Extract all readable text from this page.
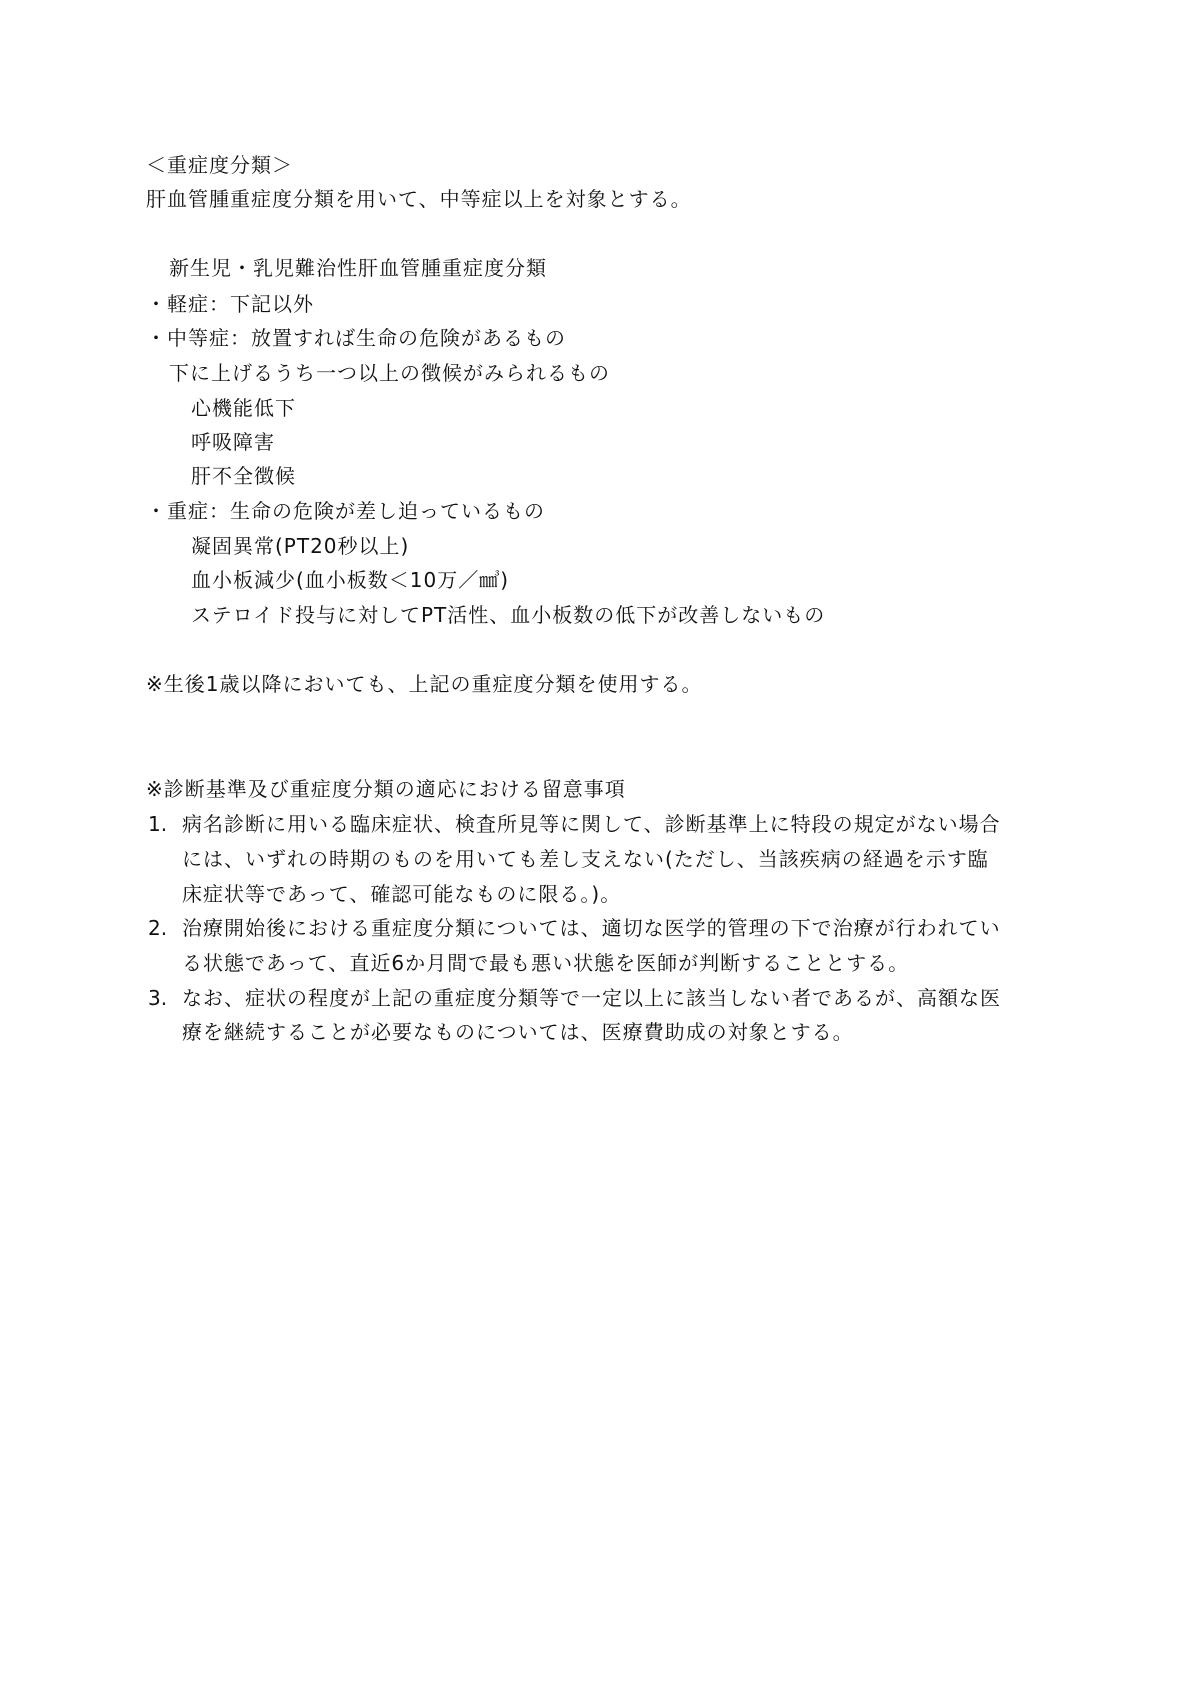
＜重症度分類＞
肝血管腫重症度分類を用いて、中等症以上を対象とする。
新生児・乳児難治性肝血管腫重症度分類
・軽症：下記以外
・中等症：放置すれば生命の危険があるもの
下に上げるうち一つ以上の徴候がみられるもの
心機能低下
呼吸障害
肝不全徴候
・重症：生命の危険が差し迫っているもの
凝固異常(PT20秒以上)
血小板減少(血小板数＜10万／㎣)
ステロイド投与に対してPT活性、血小板数の低下が改善しないもの
※生後1歳以降においても、上記の重症度分類を使用する。
※診断基準及び重症度分類の適応における留意事項
1. 病名診断に用いる臨床症状、検査所見等に関して、診断基準上に特段の規定がない場合
には、いずれの時期のものを用いても差し支えない(ただし、当該疾病の経過を示す臨
床症状等であって、確認可能なものに限る。)。
2. 治療開始後における重症度分類については、適切な医学的管理の下で治療が行われてい
る状態であって、直近6か月間で最も悪い状態を医師が判断することとする。
3. なお、症状の程度が上記の重症度分類等で一定以上に該当しない者であるが、高額な医
療を継続することが必要なものについては、医療費助成の対象とする。
